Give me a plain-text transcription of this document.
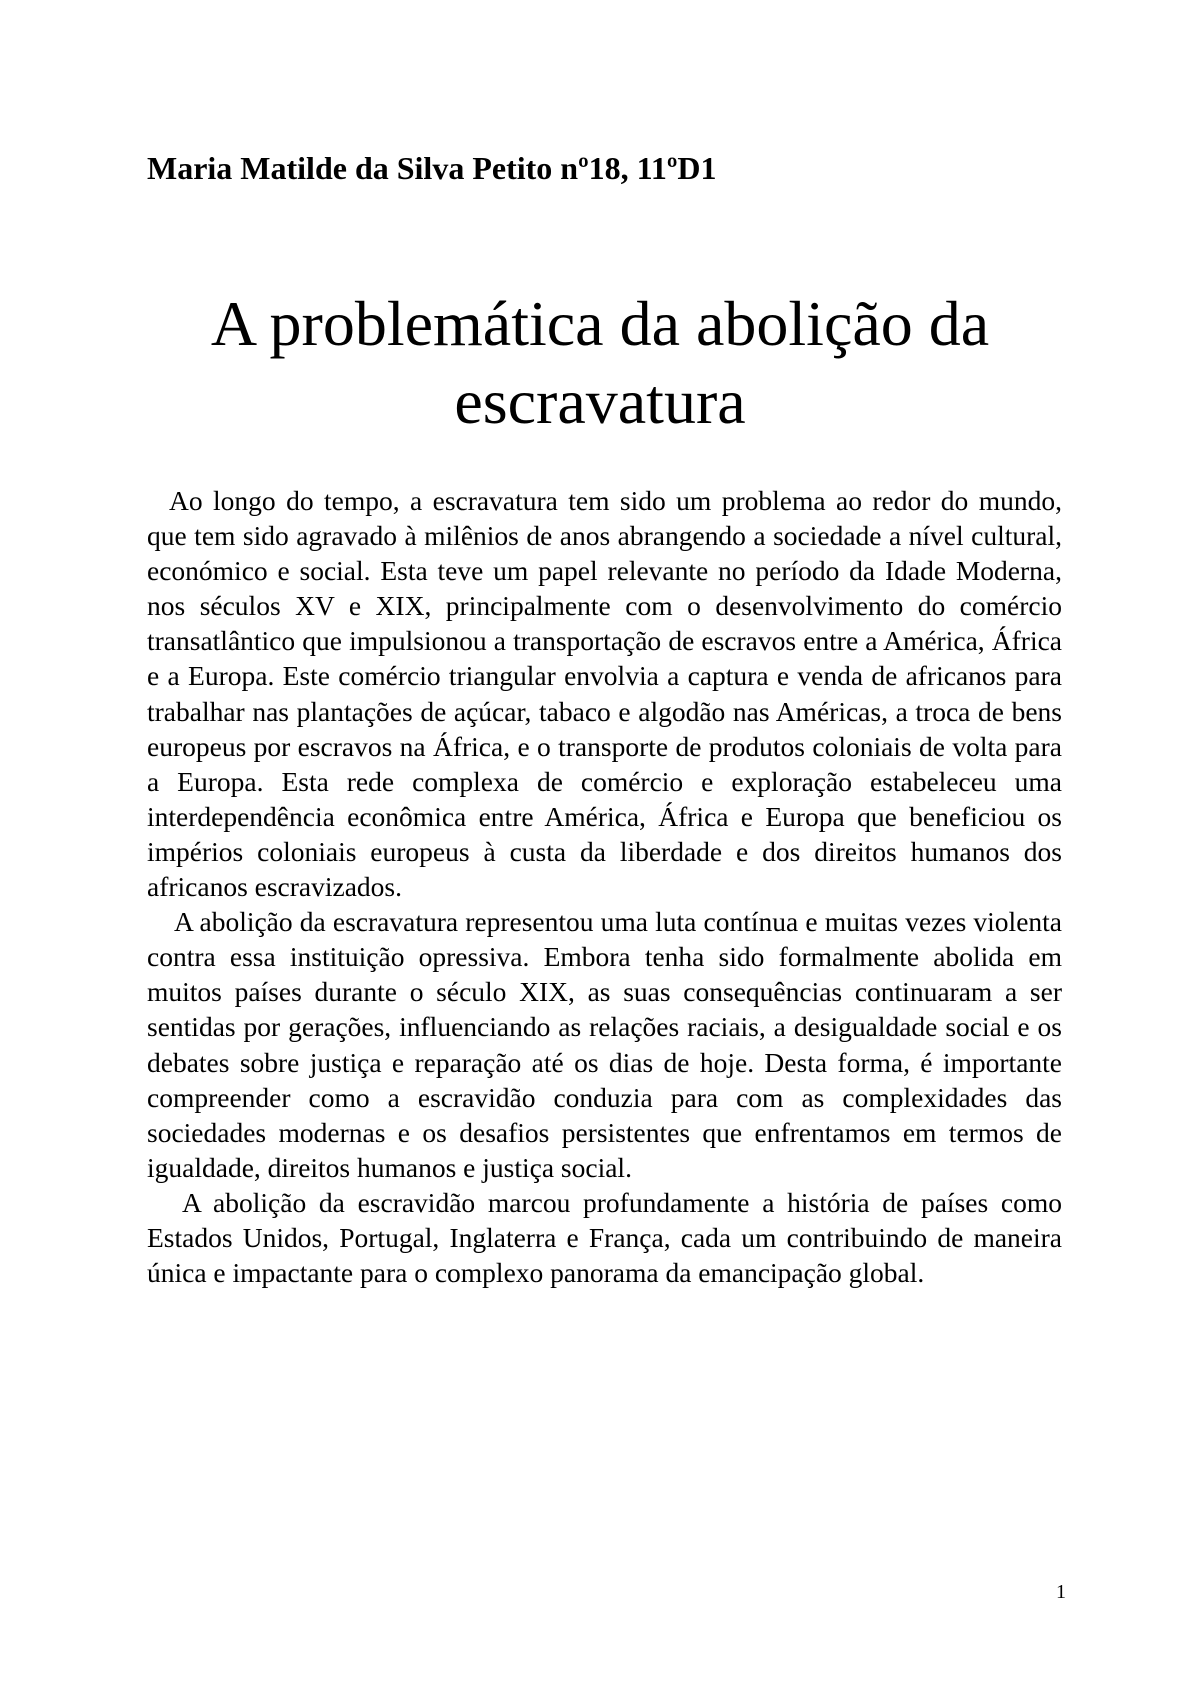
Maria Matilde da Silva Petito nº18, 11ºD1
A problemática da abolição da escravatura

Ao longo do tempo, a escravatura tem sido um problema ao redor do mundo, que tem sido agravado à milênios de anos abrangendo a sociedade a nível cultural, económico e social. Esta teve um papel relevante no período da Idade Moderna, nos séculos XV e XIX, principalmente com o desenvolvimento do comércio transatlântico que impulsionou a transportação de escravos entre a América, África e a Europa. Este comércio triangular envolvia a captura e venda de africanos para trabalhar nas plantações de açúcar, tabaco e algodão nas Américas, a troca de bens europeus por escravos na África, e o transporte de produtos coloniais de volta para a Europa. Esta rede complexa de comércio e exploração estabeleceu uma interdependência econômica entre América, África e Europa que beneficiou os impérios coloniais europeus à custa da liberdade e dos direitos humanos dos africanos escravizados.

A abolição da escravatura representou uma luta contínua e muitas vezes violenta contra essa instituição opressiva. Embora tenha sido formalmente abolida em muitos países durante o século XIX, as suas consequências continuaram a ser sentidas por gerações, influenciando as relações raciais, a desigualdade social e os debates sobre justiça e reparação até os dias de hoje. Desta forma, é importante compreender como a escravidão conduzia para com as complexidades das sociedades modernas e os desafios persistentes que enfrentamos em termos de igualdade, direitos humanos e justiça social.

A abolição da escravidão marcou profundamente a história de países como Estados Unidos, Portugal, Inglaterra e França, cada um contribuindo de maneira única e impactante para o complexo panorama da emancipação global.

1
